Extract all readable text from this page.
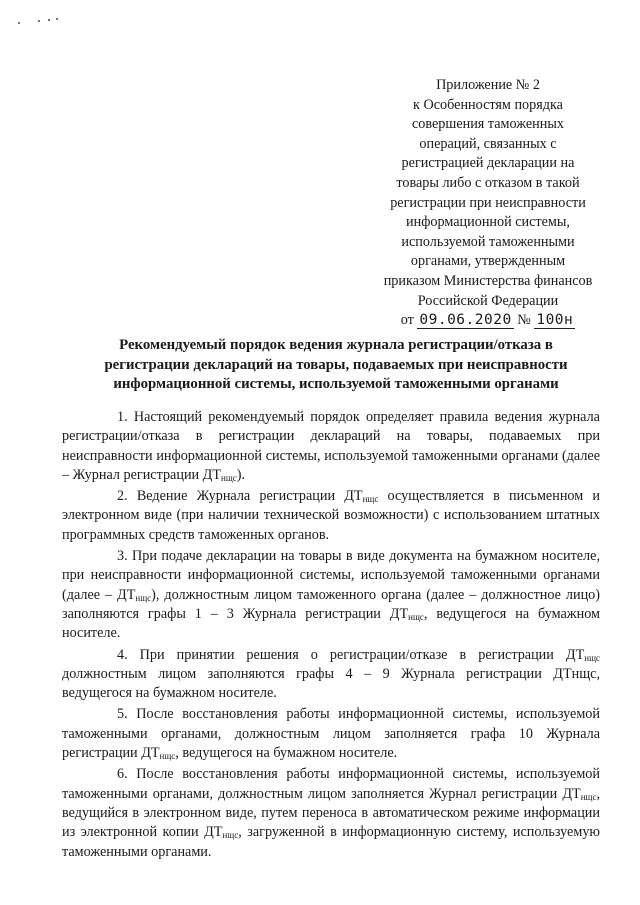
Приложение № 2
к Особенностям порядка
совершения таможенных
операций, связанных с
регистрацией декларации на
товары либо с отказом в такой
регистрации при неисправности
информационной системы,
используемой таможенными
органами, утвержденным
приказом Министерства финансов
Российской Федерации
от 09.06.2020 № 100н
Рекомендуемый порядок ведения журнала регистрации/отказа в
регистрации деклараций на товары, подаваемых при неисправности
информационной системы, используемой таможенными органами

1. Настоящий рекомендуемый порядок определяет правила ведения журнала регистрации/отказа в регистрации деклараций на товары, подаваемых при неисправности информационной системы, используемой таможенными органами (далее – Журнал регистрации $ДТ_{нщс}$).

2. Ведение Журнала регистрации $ДТ_{нщс}$ осуществляется в письменном и электронном виде (при наличии технической возможности) с использованием штатных программных средств таможенных органов.

3. При подаче декларации на товары в виде документа на бумажном носителе, при неисправности информационной системы, используемой таможенными органами (далее – $ДТ_{нщс}$), должностным лицом таможенного органа (далее – должностное лицо) заполняются графы 1 – 3 Журнала регистрации $ДТ_{нщс}$, ведущегося на бумажном носителе.

4. При принятии решения о регистрации/отказе в регистрации $ДТ_{нщс}$ должностным лицом заполняются графы 4 – 9 Журнала регистрации ДТнщс, ведущегося на бумажном носителе.

5. После восстановления работы информационной системы, используемой таможенными органами, должностным лицом заполняется графа 10 Журнала регистрации $ДТ_{нщс}$, ведущегося на бумажном носителе.

6. После восстановления работы информационной системы, используемой таможенными органами, должностным лицом заполняется Журнал регистрации $ДТ_{нщс}$, ведущийся в электронном виде, путем переноса в автоматическом режиме информации из электронной копии $ДТ_{нщс}$, загруженной в информационную систему, используемую таможенными органами.
